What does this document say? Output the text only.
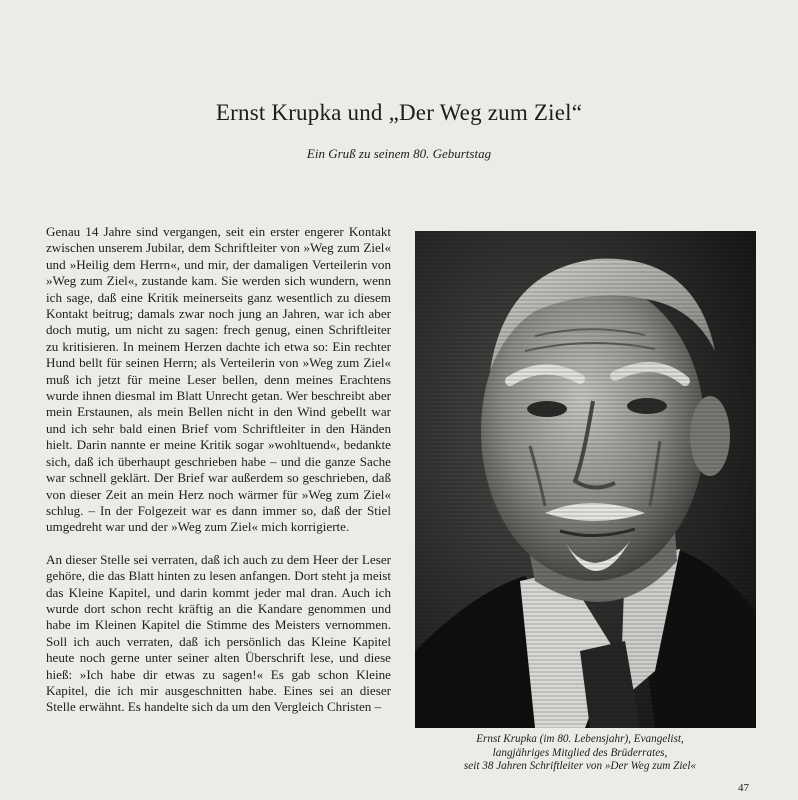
Ernst Krupka und „Der Weg zum Ziel“
Ein Gruß zu seinem 80. Geburtstag

Genau 14 Jahre sind vergangen, seit ein erster engerer Kontakt zwischen unserem Jubilar, dem Schriftleiter von »Weg zum Ziel« und »Heilig dem Herrn«, und mir, der damaligen Verteilerin von »Weg zum Ziel«, zustande kam. Sie werden sich wundern, wenn ich sage, daß eine Kritik meinerseits ganz wesentlich zu diesem Kontakt beitrug; damals zwar noch jung an Jahren, war ich aber doch mutig, um nicht zu sagen: frech genug, einen Schriftleiter zu kritisieren. In meinem Herzen dachte ich etwa so: Ein rechter Hund bellt für seinen Herrn; als Verteilerin von »Weg zum Ziel« muß ich jetzt für meine Leser bellen, denn meines Erachtens wurde ihnen diesmal im Blatt Unrecht getan. Wer beschreibt aber mein Erstaunen, als mein Bellen nicht in den Wind gebellt war und ich sehr bald einen Brief vom Schriftleiter in den Händen hielt. Darin nannte er meine Kritik sogar »wohltuend«, bedankte sich, daß ich überhaupt geschrieben habe – und die ganze Sache war schnell geklärt. Der Brief war außerdem so geschrieben, daß von dieser Zeit an mein Herz noch wärmer für »Weg zum Ziel« schlug. – In der Folgezeit war es dann immer so, daß der Stiel umgedreht war und der »Weg zum Ziel« mich korrigierte.

An dieser Stelle sei verraten, daß ich auch zu dem Heer der Leser gehöre, die das Blatt hinten zu lesen anfangen. Dort steht ja meist das Kleine Kapitel, und darin kommt jeder mal dran. Auch ich wurde dort schon recht kräftig an die Kandare genommen und habe im Kleinen Kapitel die Stimme des Meisters vernommen. Soll ich auch verraten, daß ich persönlich das Kleine Kapitel heute noch gerne unter seiner alten Überschrift lese, und diese hieß: »Ich habe dir etwas zu sagen!« Es gab schon Kleine Kapitel, die ich mir ausgeschnitten habe. Eines sei an dieser Stelle erwähnt. Es handelte sich da um den Vergleich Christen –

Ernst Krupka (im 80. Lebensjahr), Evangelist,
langjähriges Mitglied des Brüderrates,
seit 38 Jahren Schriftleiter von »Der Weg zum Ziel«
47
